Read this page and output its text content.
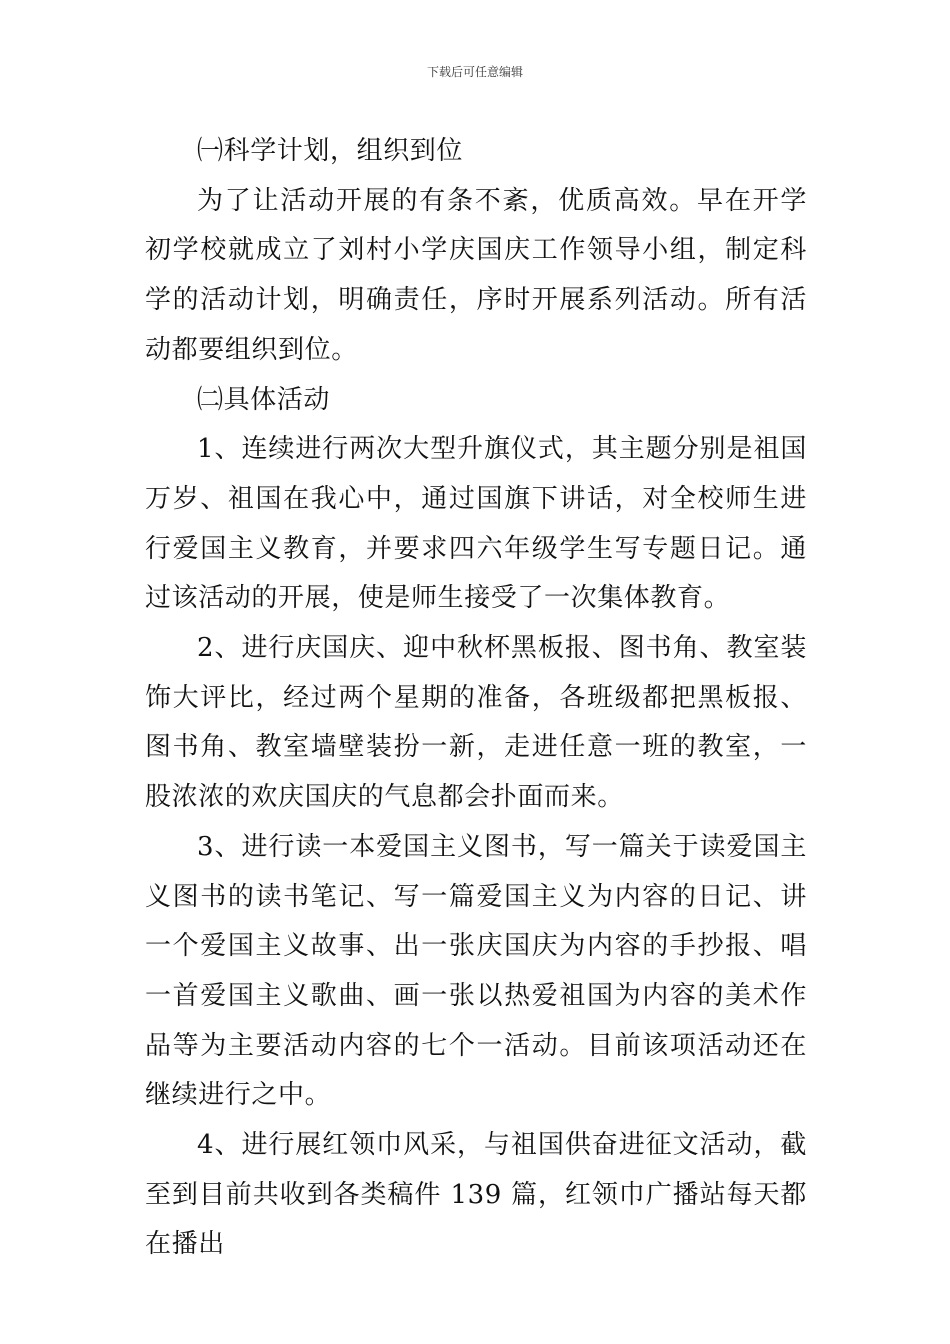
下载后可任意编辑

㈠科学计划，组织到位

为了让活动开展的有条不紊，优质高效。早在开学初学校就成立了刘村小学庆国庆工作领导小组，制定科学的活动计划，明确责任，序时开展系列活动。所有活动都要组织到位。

㈡具体活动

1、连续进行两次大型升旗仪式，其主题分别是祖国万岁、祖国在我心中，通过国旗下讲话，对全校师生进行爱国主义教育，并要求四六年级学生写专题日记。通过该活动的开展，使是师生接受了一次集体教育。

2、进行庆国庆、迎中秋杯黑板报、图书角、教室装饰大评比，经过两个星期的准备，各班级都把黑板报、图书角、教室墙壁装扮一新，走进任意一班的教室，一股浓浓的欢庆国庆的气息都会扑面而来。

3、进行读一本爱国主义图书，写一篇关于读爱国主义图书的读书笔记、写一篇爱国主义为内容的日记、讲一个爱国主义故事、出一张庆国庆为内容的手抄报、唱一首爱国主义歌曲、画一张以热爱祖国为内容的美术作品等为主要活动内容的七个一活动。目前该项活动还在继续进行之中。

4、进行展红领巾风采，与祖国供奋进征文活动，截至到目前共收到各类稿件 139 篇，红领巾广播站每天都在播出
